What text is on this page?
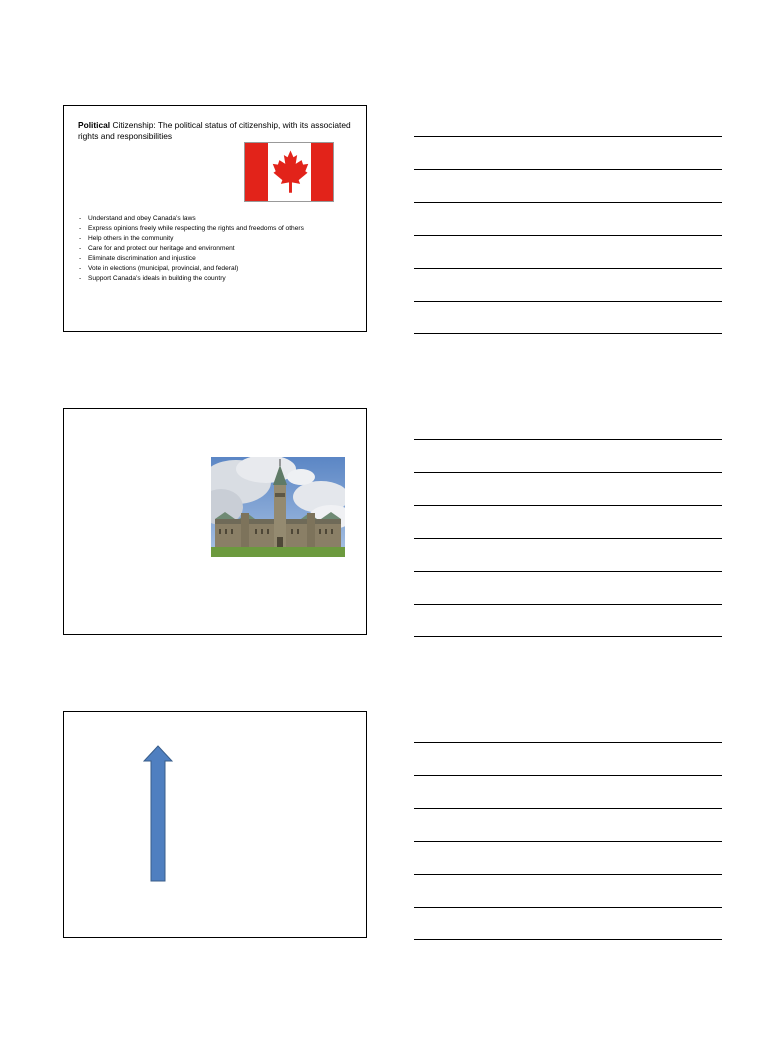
Political Citizenship: The political status of citizenship, with its associated rights and responsibilities
- Understand and obey Canada’s laws
- Express opinions freely while respecting the rights and freedoms of others
- Help others in the community
- Care for and protect our heritage and environment
- Eliminate discrimination and injustice
- Vote in elections (municipal, provincial, and federal)
- Support Canada’s ideals in building the country
